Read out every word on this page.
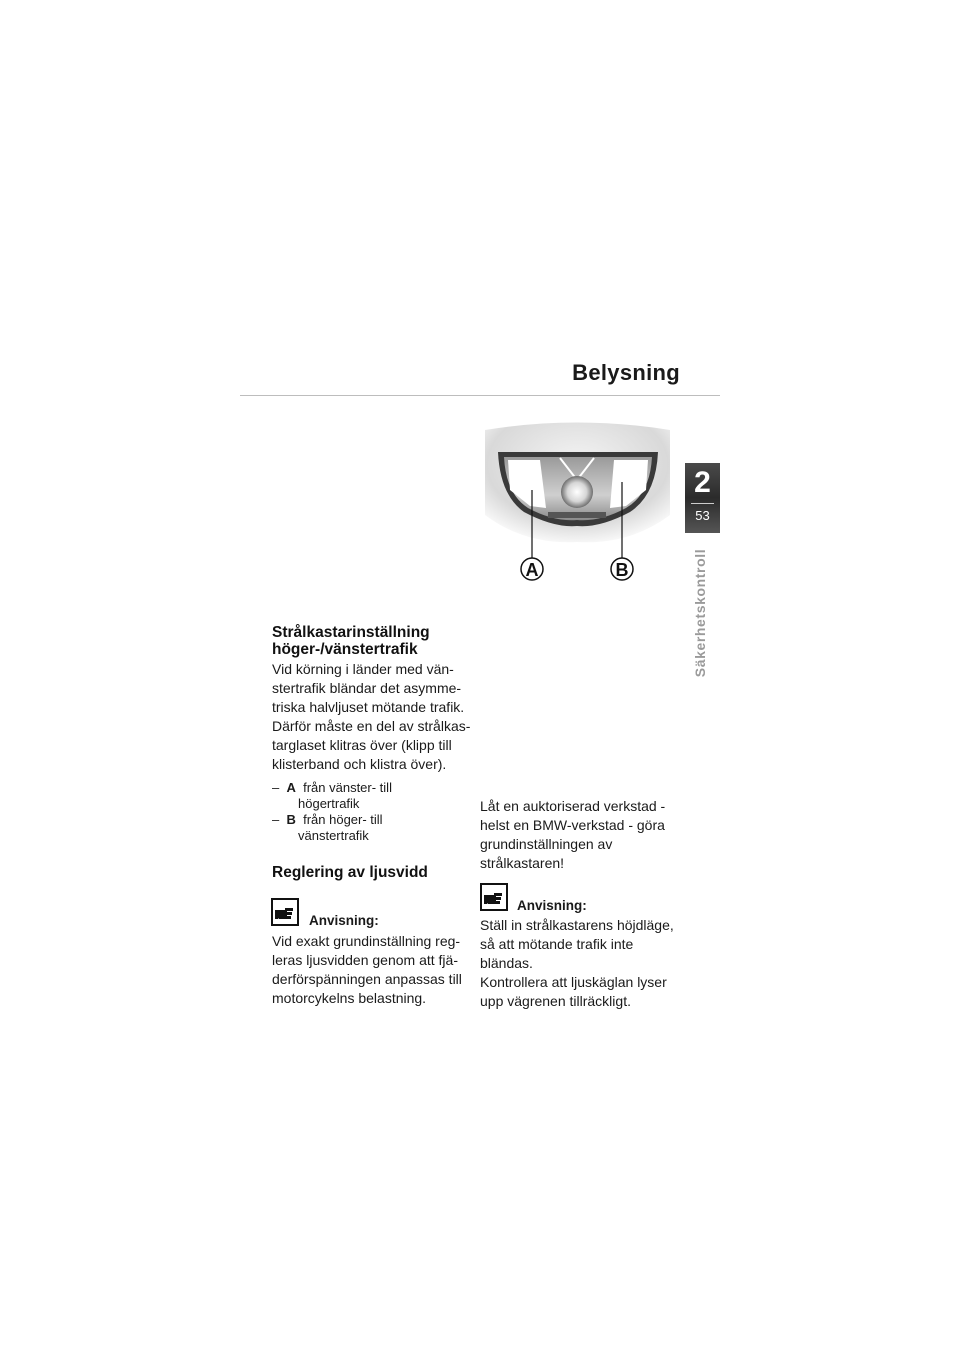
Belysning
2
53
Säkerhetskontroll
A	B
Strålkastarinställning
höger-/vänstertrafik
Vid körning i länder med vän-
stertrafik bländar det asymme-
triska halvljuset mötande trafik.
Därför måste en del av strålkas-
targlaset klitras över (klipp till
klisterband och klistra över).
– A från vänster- till
högertrafik
– B från höger- till
vänstertrafik
Reglering av ljusvidd
Anvisning:
Vid exakt grundinställning reg-
leras ljusvidden genom att fjä-
derförspänningen anpassas till
motorcykelns belastning.
Låt en auktoriserad verkstad -
helst en BMW-verkstad - göra
grundinställningen av
strålkastaren!
Anvisning:
Ställ in strålkastarens höjdläge,
så att mötande trafik inte
bländas.
Kontrollera att ljuskäglan lyser
upp vägrenen tillräckligt.
